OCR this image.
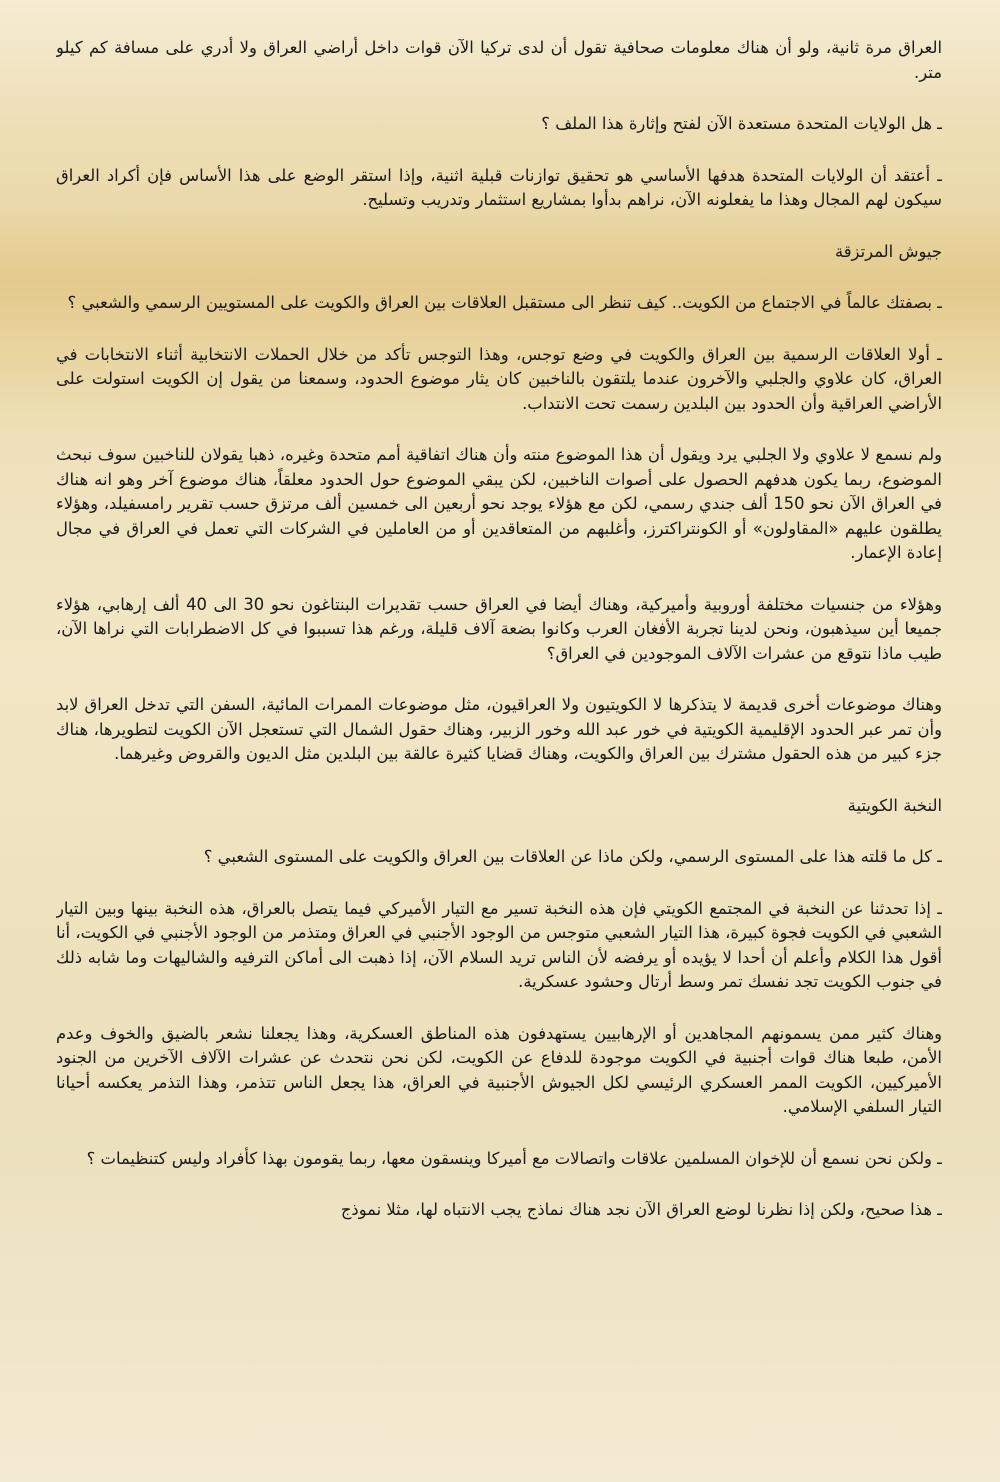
العراق مرة ثانية، ولو أن هناك معلومات صحافية تقول أن لدى تركيا الآن قوات داخل أراضي العراق ولا أدري على مسافة كم كيلو متر.

ـ هل الولايات المتحدة مستعدة الآن لفتح وإثارة هذا الملف ؟

ـ أعتقد أن الولايات المتحدة هدفها الأساسي هو تحقيق توازنات قبلية اثنية، وإذا استقر الوضع على هذا الأساس فإن أكراد العراق سيكون لهم المجال وهذا ما يفعلونه الآن، نراهم بدأوا بمشاريع استثمار وتدريب وتسليح.

جيوش المرتزقة

ـ بصفتك عالماً في الاجتماع من الكويت.. كيف تنظر الى مستقبل العلاقات بين العراق والكويت على المستويين الرسمي والشعبي ؟

ـ أولا العلاقات الرسمية بين العراق والكويت في وضع توجس، وهذا التوجس تأكد من خلال الحملات الانتخابية أثناء الانتخابات في العراق، كان علاوي والجلبي والآخرون عندما يلتقون بالناخبين كان يثار موضوع الحدود، وسمعنا من يقول إن الكويت استولت على الأراضي العراقية وأن الحدود بين البلدين رسمت تحت الانتداب.

ولم نسمع لا علاوي ولا الجلبي يرد ويقول أن هذا الموضوع منته وأن هناك اتفاقية أمم متحدة وغيره، ذهبا يقولان للناخبين سوف نبحث الموضوع، ربما يكون هدفهم الحصول على أصوات الناخبين، لكن يبقي الموضوع حول الحدود معلقاً، هناك موضوع آخر وهو انه هناك في العراق الآن نحو 150 ألف جندي رسمي، لكن مع هؤلاء يوجد نحو أربعين الى خمسين ألف مرتزق حسب تقرير رامسفيلد، وهؤلاء يطلقون عليهم «المقاولون» أو الكونتراكترز، وأغلبهم من المتعاقدين أو من العاملين في الشركات التي تعمل في العراق في مجال إعادة الإعمار.

وهؤلاء من جنسيات مختلفة أوروبية وأميركية، وهناك أيضا في العراق حسب تقديرات البنتاغون نحو 30 الى 40 ألف إرهابي، هؤلاء جميعا أين سيذهبون، ونحن لدينا تجربة الأفغان العرب وكانوا بضعة آلاف قليلة، ورغم هذا تسببوا في كل الاضطرابات التي نراها الآن، طيب ماذا نتوقع من عشرات الآلاف الموجودين في العراق؟

وهناك موضوعات أخرى قديمة لا يتذكرها لا الكويتيون ولا العراقيون، مثل موضوعات الممرات المائية، السفن التي تدخل العراق لابد وأن تمر عبر الحدود الإقليمية الكويتية في خور عبد الله وخور الزبير، وهناك حقول الشمال التي تستعجل الآن الكويت لتطويرها، هناك جزء كبير من هذه الحقول مشترك بين العراق والكويت، وهناك قضايا كثيرة عالقة بين البلدين مثل الديون والقروض وغيرهما.

النخبة الكويتية

ـ كل ما قلته هذا على المستوى الرسمي، ولكن ماذا عن العلاقات بين العراق والكويت على المستوى الشعبي ؟

ـ إذا تحدثنا عن النخبة في المجتمع الكويتي فإن هذه النخبة تسير مع التيار الأميركي فيما يتصل بالعراق، هذه النخبة بينها وبين التيار الشعبي في الكويت فجوة كبيرة، هذا التيار الشعبي متوجس من الوجود الأجنبي في العراق ومتذمر من الوجود الأجنبي في الكويت، أنا أقول هذا الكلام وأعلم أن أحدا لا يؤيده أو يرفضه لأن الناس تريد السلام الآن، إذا ذهبت الى أماكن الترفيه والشاليهات وما شابه ذلك في جنوب الكويت تجد نفسك تمر وسط أرتال وحشود عسكرية.

وهناك كثير ممن يسمونهم المجاهدين أو الإرهابيين يستهدفون هذه المناطق العسكرية، وهذا يجعلنا نشعر بالضيق والخوف وعدم الأمن، طبعا هناك قوات أجنبية في الكويت موجودة للدفاع عن الكويت، لكن نحن نتحدث عن عشرات الآلاف الآخرين من الجنود الأميركيين، الكويت الممر العسكري الرئيسي لكل الجيوش الأجنبية في العراق، هذا يجعل الناس تتذمر، وهذا التذمر يعكسه أحيانا التيار السلفي الإسلامي.

ـ ولكن نحن نسمع أن للإخوان المسلمين علاقات واتصالات مع أميركا وينسقون معها، ربما يقومون بهذا كأفراد وليس كتنظيمات ؟

ـ هذا صحيح، ولكن إذا نظرنا لوضع العراق الآن نجد هناك نماذج يجب الانتباه لها، مثلا نموذج
